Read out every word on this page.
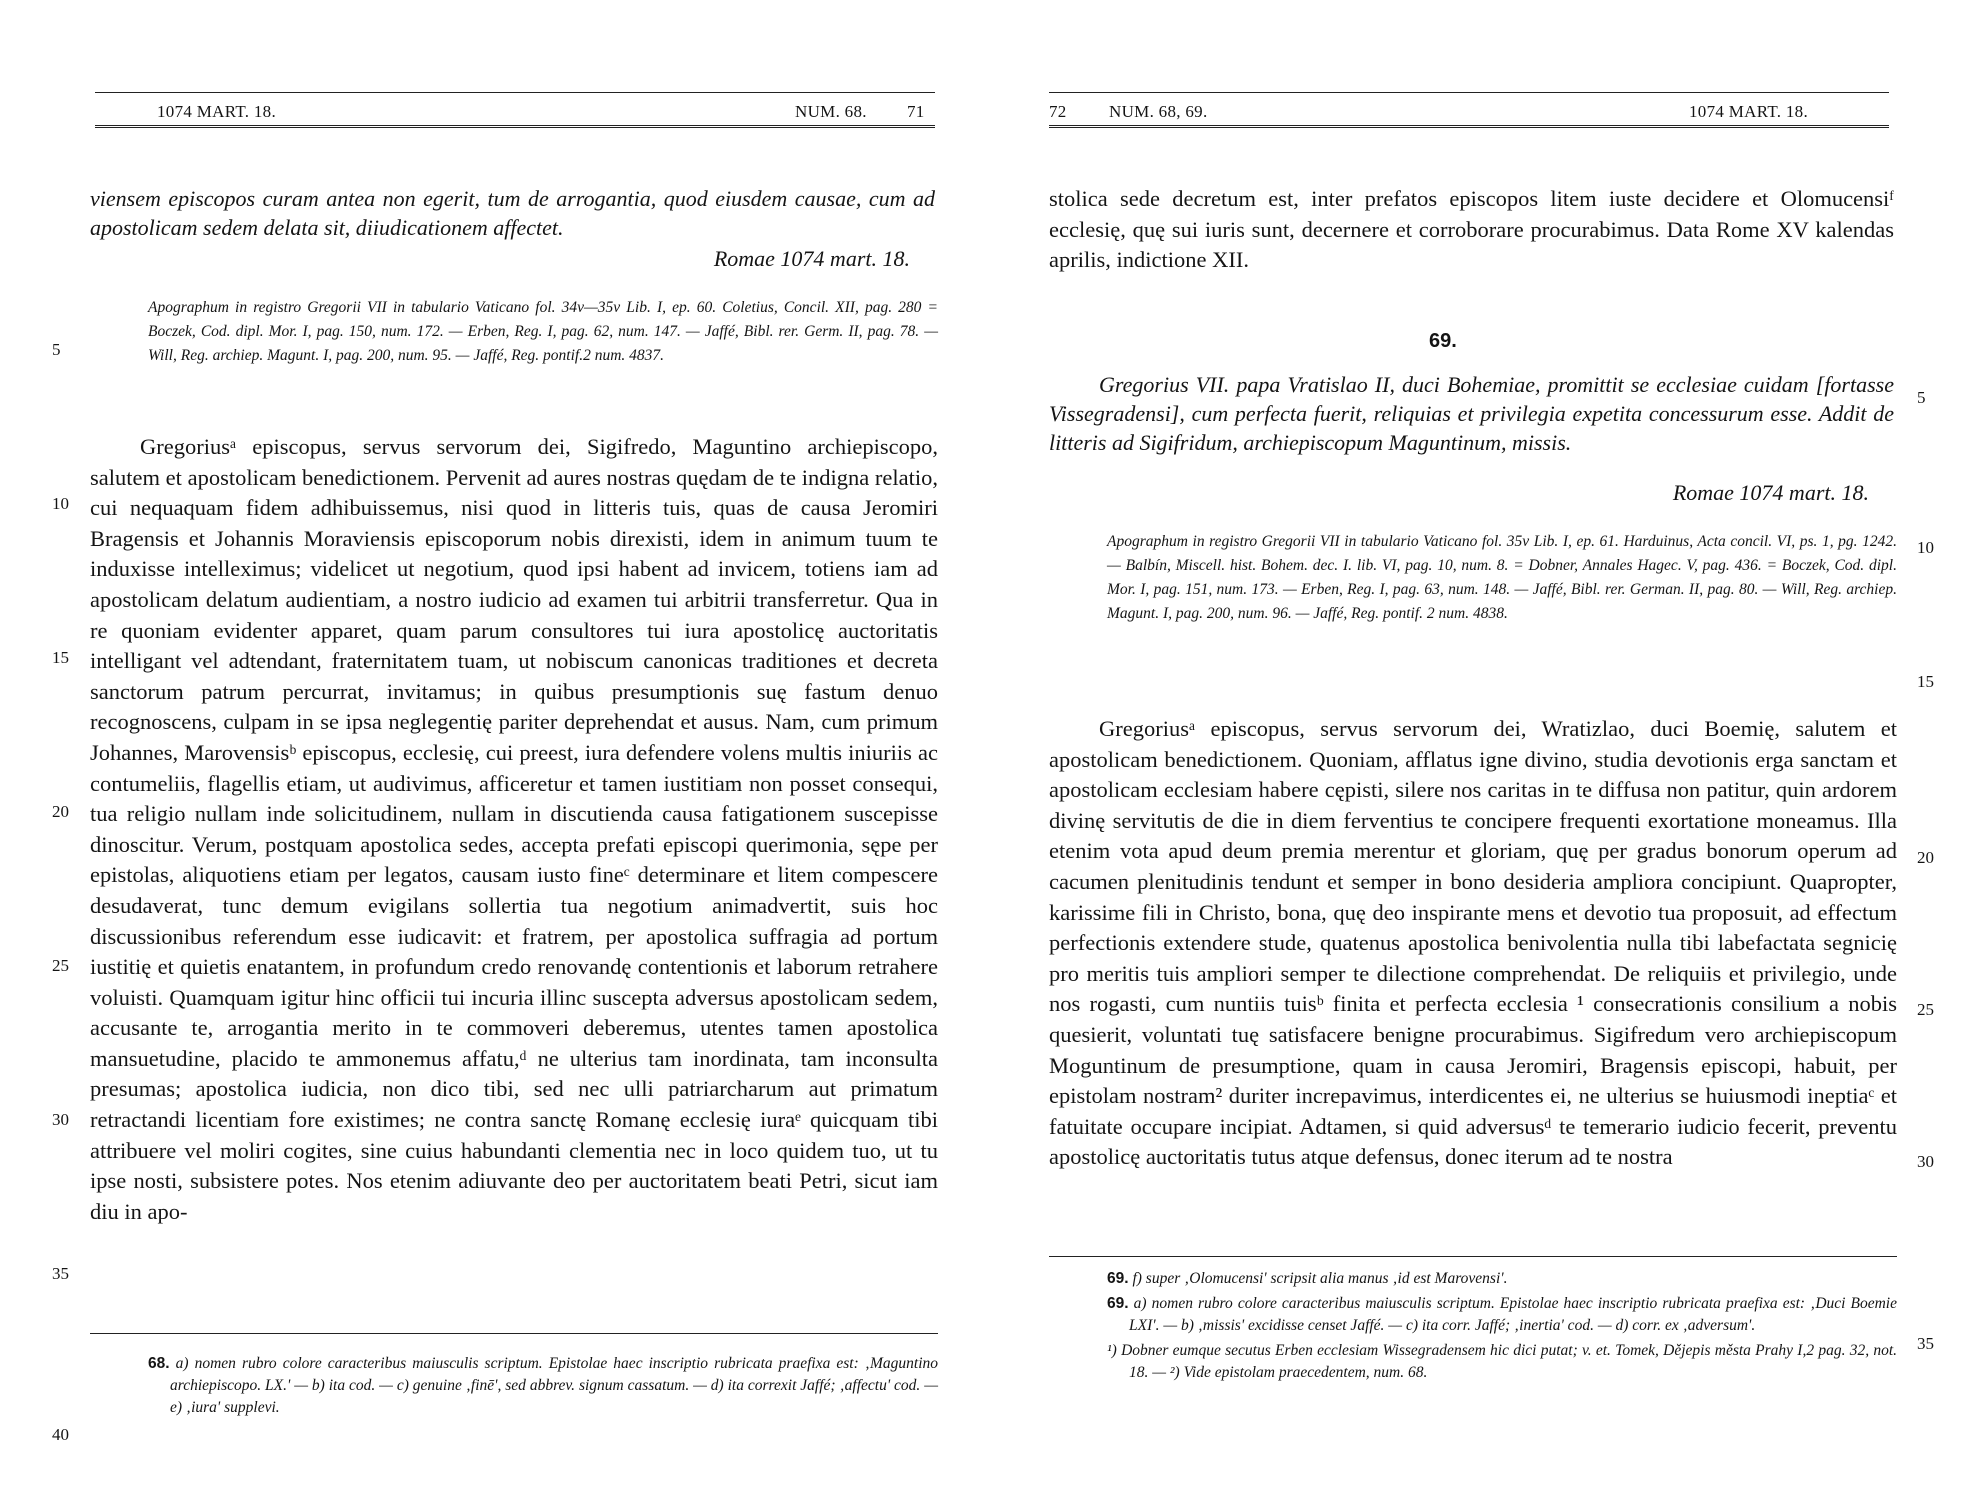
1074 MART. 18.	NUM. 68. 71
viensem episcopos curam antea non egerit, tum de arrogantia, quod eiusdem causae, cum ad apostolicam sedem delata sit, diiudicationem affectet.
Romae 1074 mart. 18.
Apographum in registro Gregorii VII in tabulario Vaticano fol. 34v—35v Lib. I, ep. 60. Coletius, Concil. XII, pag. 280 = Boczek, Cod. dipl. Mor. I, pag. 150, num. 172. — Erben, Reg. I, pag. 62, num. 147. — Jaffé, Bibl. rer. Germ. II, pag. 78. — Will, Reg. archiep. Magunt. I, pag. 200, num. 95. — Jaffé, Reg. pontif.2 num. 4837.

Gregoriusᵃ episcopus, servus servorum dei, Sigifredo, Maguntino archiepiscopo, salutem et apostolicam benedictionem. Pervenit ad aures nostras quędam de te indigna relatio, cui nequaquam fidem adhibuissemus, nisi quod in litteris tuis, quas de causa Jeromiri Bragensis et Johannis Moraviensis episcoporum nobis direxisti, idem in animum tuum te induxisse intelleximus; videlicet ut negotium, quod ipsi habent ad invicem, totiens iam ad apostolicam delatum audientiam, a nostro iudicio ad examen tui arbitrii transferretur. Qua in re quoniam evidenter apparet, quam parum consultores tui iura apostolicę auctoritatis intelligant vel adtendant, fraternitatem tuam, ut nobiscum canonicas traditiones et decreta sanctorum patrum percurrat, invitamus; in quibus presumptionis suę fastum denuo recognoscens, culpam in se ipsa neglegentię pariter deprehendat et ausus. Nam, cum primum Johannes, Marovensisᵇ episcopus, ecclesię, cui preest, iura defendere volens multis iniuriis ac contumeliis, flagellis etiam, ut audivimus, afficeretur et tamen iustitiam non posset consequi, tua religio nullam inde solicitudinem, nullam in discutienda causa fatigationem suscepisse dinoscitur. Verum, postquam apostolica sedes, accepta prefati episcopi querimonia, sępe per epistolas, aliquotiens etiam per legatos, causam iusto fineᶜ determinare et litem compescere desudaverat, tunc demum evigilans sollertia tua negotium animadvertit, suis hoc discussionibus referendum esse iudicavit: et fratrem, per apostolica suffragia ad portum iustitię et quietis enatantem, in profundum credo renovandę contentionis et laborum retrahere voluisti. Quamquam igitur hinc officii tui incuria illinc suscepta adversus apostolicam sedem, accusante te, arrogantia merito in te commoveri deberemus, utentes tamen apostolica mansuetudine, placido te ammonemus affatu,ᵈ ne ulterius tam inordinata, tam inconsulta presumas; apostolica iudicia, non dico tibi, sed nec ulli patriarcharum aut primatum retractandi licentiam fore existimes; ne contra sanctę Romanę ecclesię iuraᵉ quicquam tibi attribuere vel moliri cogites, sine cuius habundanti clementia nec in loco quidem tuo, ut tu ipse nosti, subsistere potes. Nos etenim adiuvante deo per auctoritatem beati Petri, sicut iam diu in apo-

68. a) nomen rubro colore caracteribus maiusculis scriptum. Epistolae haec inscriptio rubricata praefixa est: ‚Maguntino archiepiscopo. LX.' — b) ita cod. — c) genuine ‚finē', sed abbrev. signum cassatum. — d) ita correxit Jaffé; ‚affectu' cod. — e) ‚iura' supplevi.

5
10
15
20
25
30
35
40
72 NUM. 68, 69.	1074 MART. 18.
stolica sede decretum est, inter prefatos episcopos litem iuste decidere et Olomucensiᶠ ecclesię, quę sui iuris sunt, decernere et corroborare procurabimus. Data Rome XV kalendas aprilis, indictione XII.
69.
Gregorius VII. papa Vratislao II, duci Bohemiae, promittit se ecclesiae cuidam [fortasse Vissegradensi], cum perfecta fuerit, reliquias et privilegia expetita concessurum esse. Addit de litteris ad Sigifridum, archiepiscopum Maguntinum, missis.
Romae 1074 mart. 18.
Apographum in registro Gregorii VII in tabulario Vaticano fol. 35v Lib. I, ep. 61. Harduinus, Acta concil. VI, ps. 1, pg. 1242. — Balbín, Miscell. hist. Bohem. dec. I. lib. VI, pag. 10, num. 8. = Dobner, Annales Hagec. V, pag. 436. = Boczek, Cod. dipl. Mor. I, pag. 151, num. 173. — Erben, Reg. I, pag. 63, num. 148. — Jaffé, Bibl. rer. German. II, pag. 80. — Will, Reg. archiep. Magunt. I, pag. 200, num. 96. — Jaffé, Reg. pontif. 2 num. 4838.

Gregoriusᵃ episcopus, servus servorum dei, Wratizlao, duci Boemię, salutem et apostolicam benedictionem. Quoniam, afflatus igne divino, studia devotionis erga sanctam et apostolicam ecclesiam habere cępisti, silere nos caritas in te diffusa non patitur, quin ardorem divinę servitutis de die in diem ferventius te concipere frequenti exortatione moneamus. Illa etenim vota apud deum premia merentur et gloriam, quę per gradus bonorum operum ad cacumen plenitudinis tendunt et semper in bono desideria ampliora concipiunt. Quapropter, karissime fili in Christo, bona, quę deo inspirante mens et devotio tua proposuit, ad effectum perfectionis extendere stude, quatenus apostolica benivolentia nulla tibi labefactata segnicię pro meritis tuis ampliori semper te dilectione comprehendat. De reliquiis et privilegio, unde nos rogasti, cum nuntiis tuisᵇ finita et perfecta ecclesia ¹ consecrationis consilium a nobis quesierit, voluntati tuę satisfacere benigne procurabimus. Sigifredum vero archiepiscopum Moguntinum de presumptione, quam in causa Jeromiri, Bragensis episcopi, habuit, per epistolam nostram² duriter increpavimus, interdicentes ei, ne ulterius se huiusmodi ineptiaᶜ et fatuitate occupare incipiat. Adtamen, si quid adversusᵈ te temerario iudicio fecerit, preventu apostolicę auctoritatis tutus atque defensus, donec iterum ad te nostra

69. f) super ‚Olomucensi' scripsit alia manus ‚id est Marovensi'.

69. a) nomen rubro colore caracteribus maiusculis scriptum. Epistolae haec inscriptio rubricata praefixa est: ‚Duci Boemie LXI'. — b) ‚missis' excidisse censet Jaffé. — c) ita corr. Jaffé; ‚inertia' cod. — d) corr. ex ‚adversum'.

¹) Dobner eumque secutus Erben ecclesiam Wissegradensem hic dici putat; v. et. Tomek, Dějepis města Prahy I,2 pag. 32, not. 18. — ²) Vide epistolam praecedentem, num. 68.

5
10
15
20
25
30
35
